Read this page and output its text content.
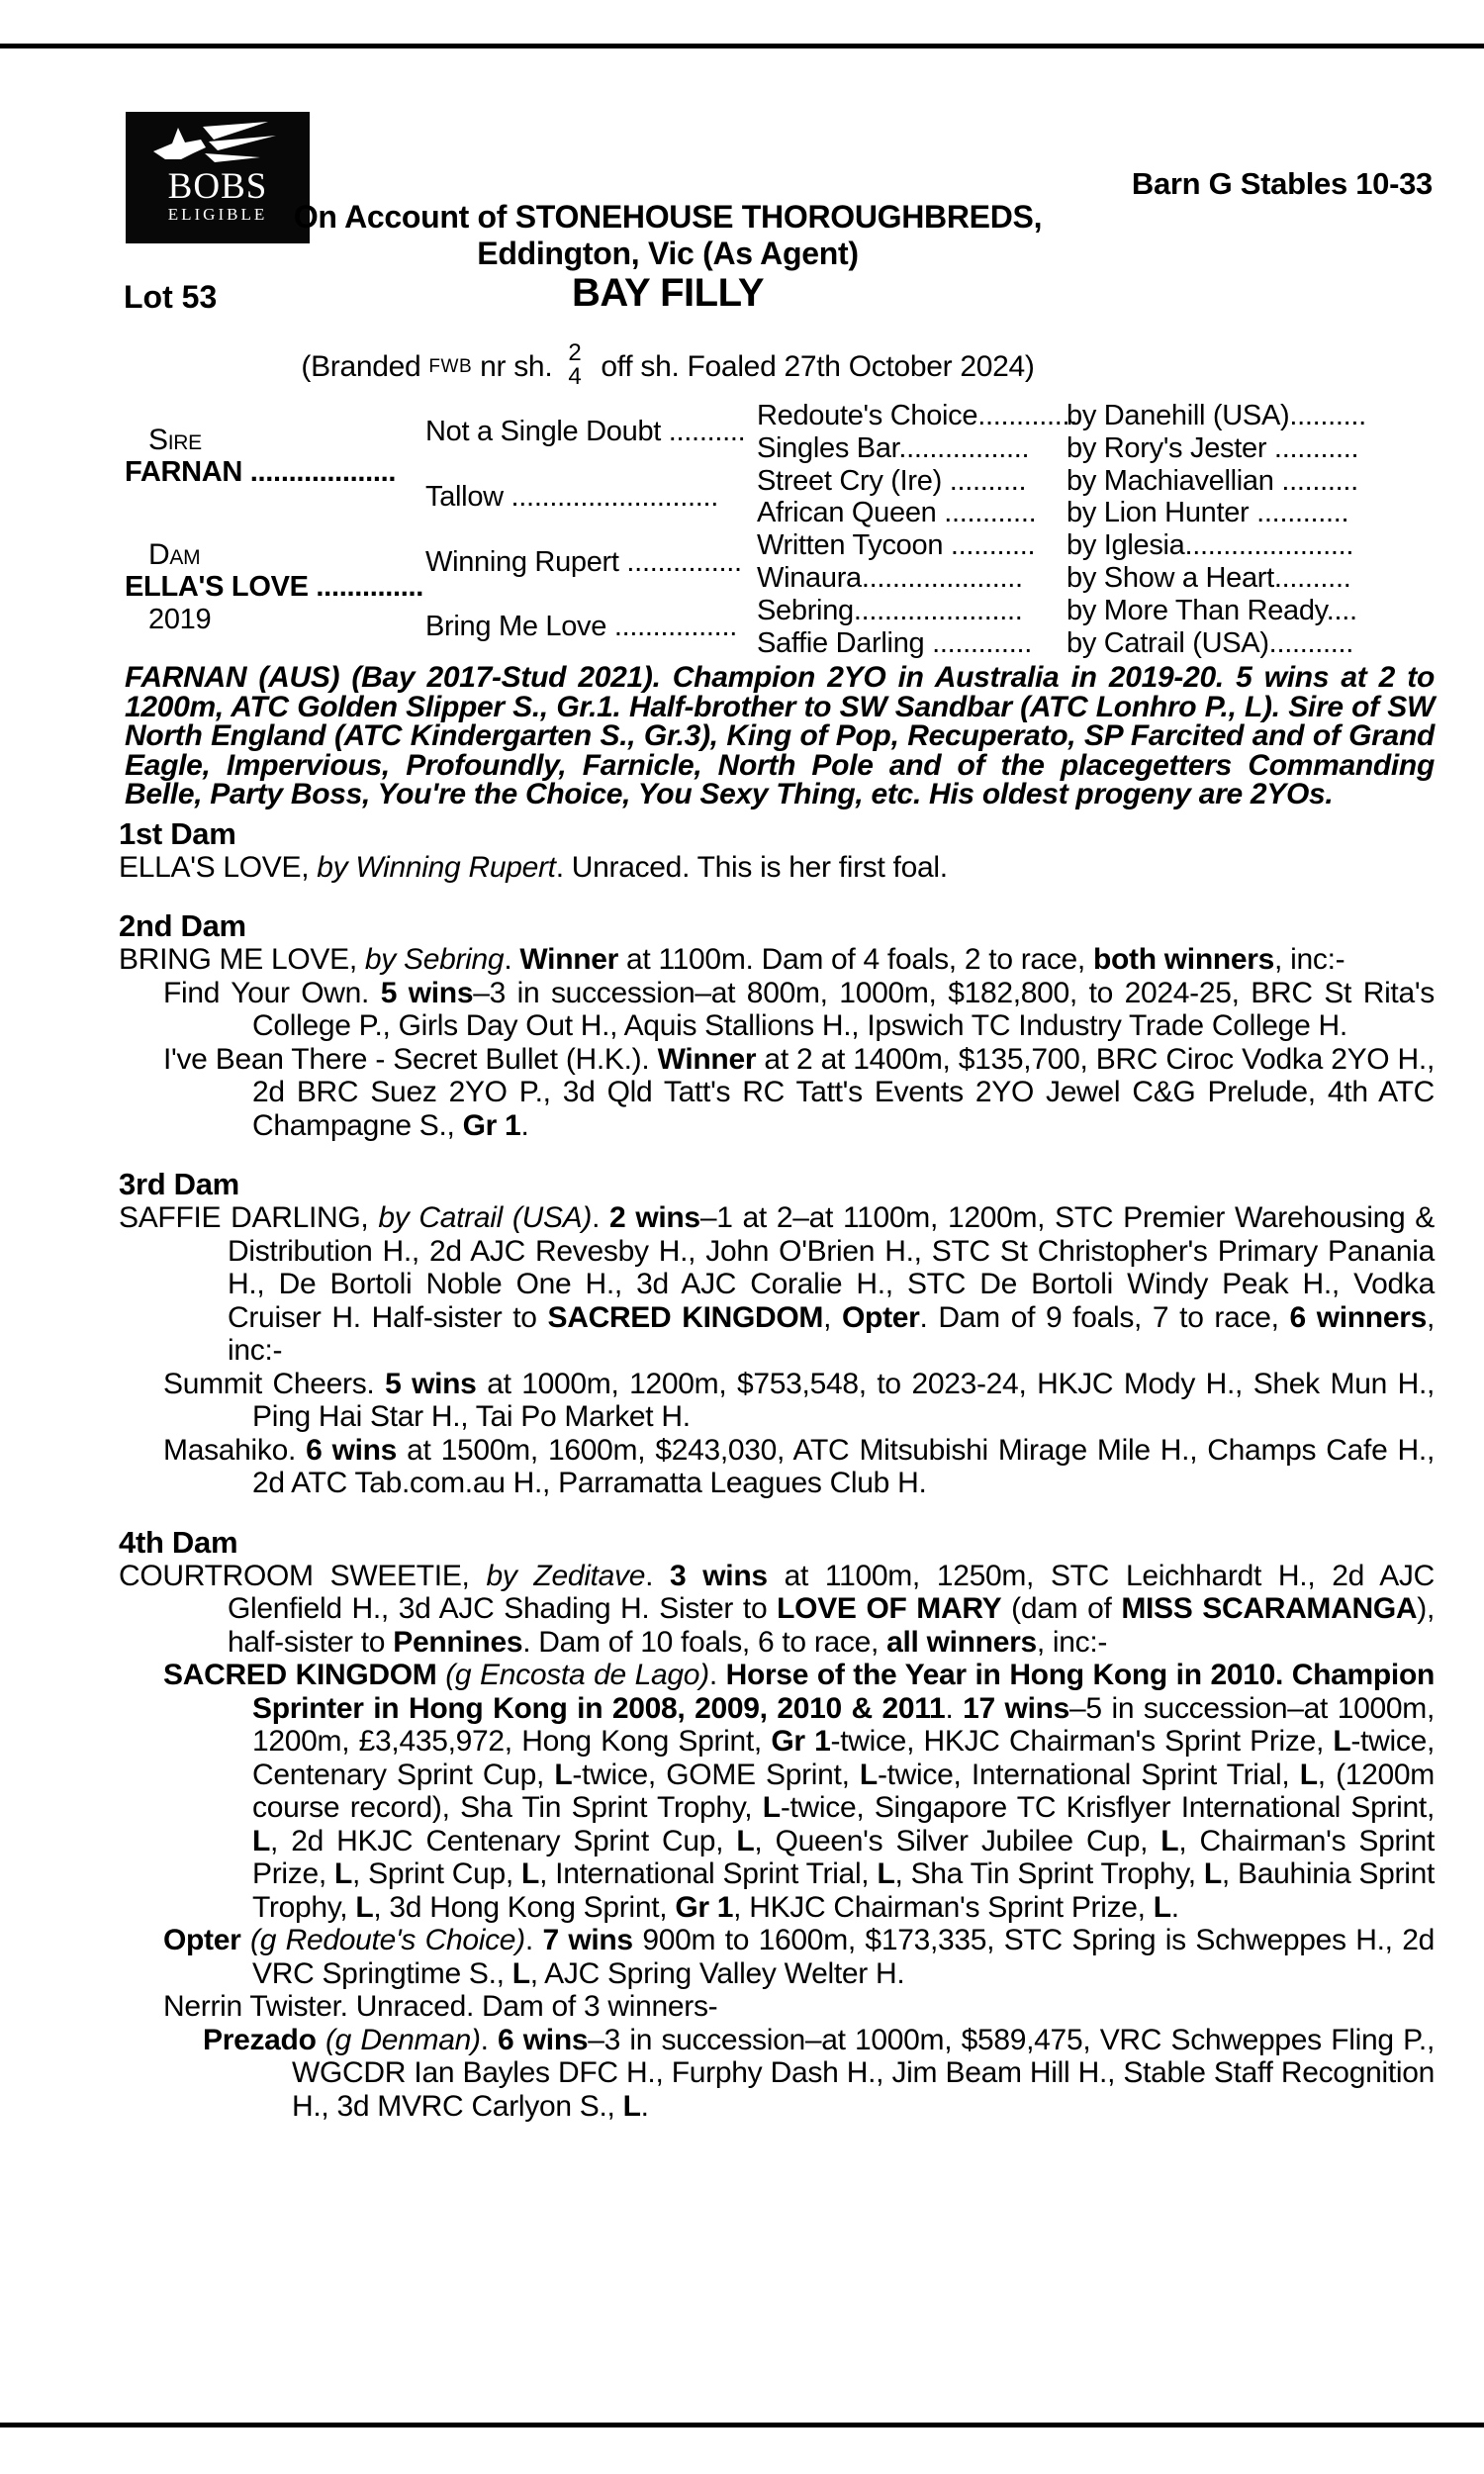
BOBS
ELIGIBLE
Barn G Stables 10-33
On Account of STONEHOUSE THOROUGHBREDS,
Eddington, Vic (As Agent)
Lot 53	BAY FILLY
(Branded FWB nr sh. 2
4 off sh. Foaled 27th October 2024)
Sire
FARNAN ...................
Dam
ELLA'S LOVE ..............
2019
Not a Single Doubt ..........
Tallow ...........................
Winning Rupert ...............
Bring Me Love ................
Redoute's Choice.............
by Danehill (USA)..........
Singles Bar................. by Rory's Jester ...........
Street Cry (Ire) .......... by Machiavellian ..........
African Queen ............ by Lion Hunter ............
Written Tycoon ........... by Iglesia......................
Winaura..................... by Show a Heart..........
Sebring...................... by More Than Ready....
Saffie Darling ............. by Catrail (USA)...........

FARNAN (AUS) (Bay 2017-Stud 2021). Champion 2YO in Australia in 2019-20. 5 wins at 2 to 1200m, ATC Golden Slipper S., Gr.1. Half-brother to SW Sandbar (ATC Lonhro P., L). Sire of SW North England (ATC Kindergarten S., Gr.3), King of Pop, Recuperato, SP Farcited and of Grand Eagle, Impervious, Profoundly, Farnicle, North Pole and of the placegetters Commanding Belle, Party Boss, You're the Choice, You Sexy Thing, etc. His oldest progeny are 2YOs.

1st Dam

ELLA'S LOVE, by Winning Rupert. Unraced. This is her first foal.

2nd Dam

BRING ME LOVE, by Sebring. Winner at 1100m. Dam of 4 foals, 2 to race, both winners, inc:-

Find Your Own. 5 wins–3 in succession–at 800m, 1000m, $182,800, to 2024-25, BRC St Rita's College P., Girls Day Out H., Aquis Stallions H., Ipswich TC Industry Trade College H.

I've Bean There - Secret Bullet (H.K.). Winner at 2 at 1400m, $135,700, BRC Ciroc Vodka 2YO H., 2d BRC Suez 2YO P., 3d Qld Tatt's RC Tatt's Events 2YO Jewel C&G Prelude, 4th ATC Champagne S., Gr 1.

3rd Dam

SAFFIE DARLING, by Catrail (USA). 2 wins–1 at 2–at 1100m, 1200m, STC Premier Warehousing & Distribution H., 2d AJC Revesby H., John O'Brien H., STC St Christopher's Primary Panania H., De Bortoli Noble One H., 3d AJC Coralie H., STC De Bortoli Windy Peak H., Vodka Cruiser H. Half-sister to SACRED KINGDOM, Opter. Dam of 9 foals, 7 to race, 6 winners, inc:-

Summit Cheers. 5 wins at 1000m, 1200m, $753,548, to 2023-24, HKJC Mody H., Shek Mun H., Ping Hai Star H., Tai Po Market H.

Masahiko. 6 wins at 1500m, 1600m, $243,030, ATC Mitsubishi Mirage Mile H., Champs Cafe H., 2d ATC Tab.com.au H., Parramatta Leagues Club H.

4th Dam

COURTROOM SWEETIE, by Zeditave. 3 wins at 1100m, 1250m, STC Leichhardt H., 2d AJC Glenfield H., 3d AJC Shading H. Sister to LOVE OF MARY (dam of MISS SCARAMANGA), half-sister to Pennines. Dam of 10 foals, 6 to race, all winners, inc:-

SACRED KINGDOM (g Encosta de Lago). Horse of the Year in Hong Kong in 2010. Champion Sprinter in Hong Kong in 2008, 2009, 2010 & 2011. 17 wins–5 in succession–at 1000m, 1200m, £3,435,972, Hong Kong Sprint, Gr 1-twice, HKJC Chairman's Sprint Prize, L-twice, Centenary Sprint Cup, L-twice, GOME Sprint, L-twice, International Sprint Trial, L, (1200m course record), Sha Tin Sprint Trophy, L-twice, Singapore TC Krisflyer International Sprint, L, 2d HKJC Centenary Sprint Cup, L, Queen's Silver Jubilee Cup, L, Chairman's Sprint Prize, L, Sprint Cup, L, International Sprint Trial, L, Sha Tin Sprint Trophy, L, Bauhinia Sprint Trophy, L, 3d Hong Kong Sprint, Gr 1, HKJC Chairman's Sprint Prize, L.

Opter (g Redoute's Choice). 7 wins 900m to 1600m, $173,335, STC Spring is Schweppes H., 2d VRC Springtime S., L, AJC Spring Valley Welter H.

Nerrin Twister. Unraced. Dam of 3 winners-

Prezado (g Denman). 6 wins–3 in succession–at 1000m, $589,475, VRC Schweppes Fling P., WGCDR Ian Bayles DFC H., Furphy Dash H., Jim Beam Hill H., Stable Staff Recognition H., 3d MVRC Carlyon S., L.
